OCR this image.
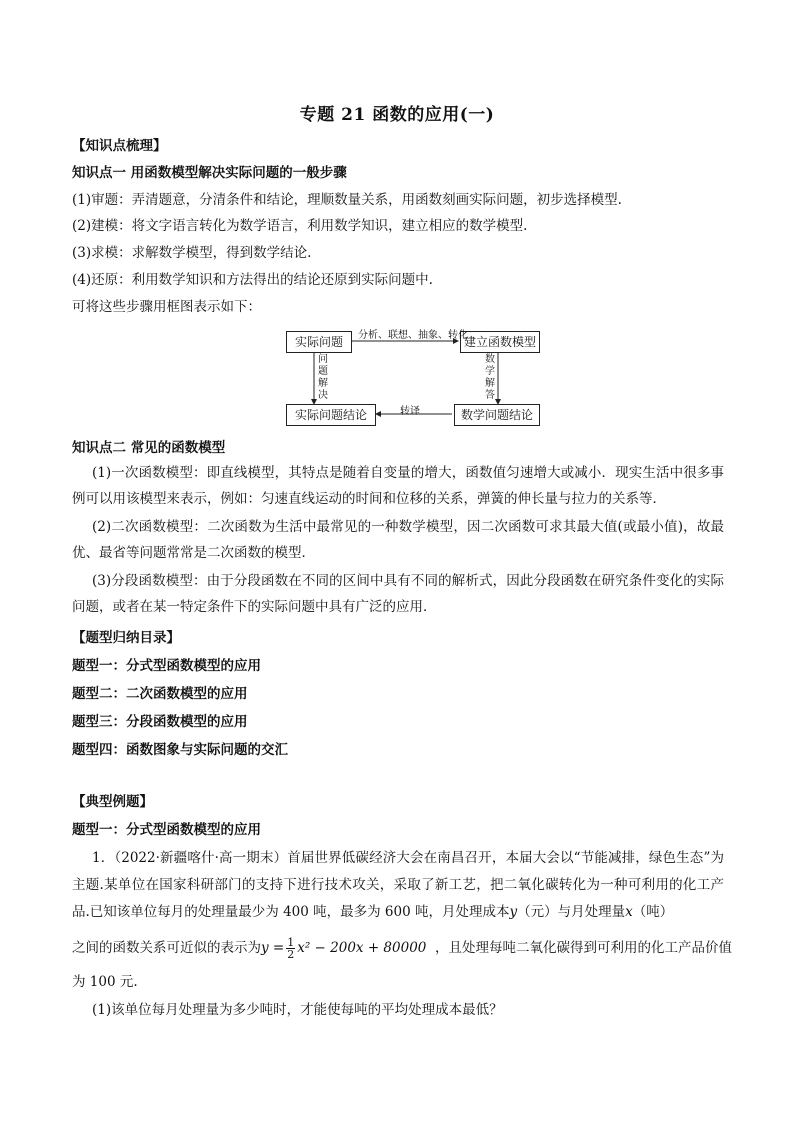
专题 21 函数的应用(一)
【知识点梳理】
知识点一 用函数模型解决实际问题的一般步骤
(1)审题：弄清题意，分清条件和结论，理顺数量关系，用函数刻画实际问题，初步选择模型.
(2)建模：将文字语言转化为数学语言，利用数学知识，建立相应的数学模型.
(3)求模：求解数学模型，得到数学结论.
(4)还原：利用数学知识和方法得出的结论还原到实际问题中.
可将这些步骤用框图表示如下：
实际问题	建立函数模型
实际问题结论	数学问题结论
分析、联想、抽象、转化
问题解决
数学解答
转译
知识点二 常见的函数模型
(1)一次函数模型：即直线模型，其特点是随着自变量的增大，函数值匀速增大或减小．现实生活中很多事例可以用该模型来表示，例如：匀速直线运动的时间和位移的关系，弹簧的伸长量与拉力的关系等．
(2)二次函数模型：二次函数为生活中最常见的一种数学模型，因二次函数可求其最大值(或最小值)，故最优、最省等问题常常是二次函数的模型．
(3)分段函数模型：由于分段函数在不同的区间中具有不同的解析式，因此分段函数在研究条件变化的实际问题，或者在某一特定条件下的实际问题中具有广泛的应用．
【题型归纳目录】
题型一：分式型函数模型的应用
题型二：二次函数模型的应用
题型三：分段函数模型的应用
题型四：函数图象与实际问题的交汇
【典型例题】
题型一：分式型函数模型的应用
1．（2022·新疆喀什·高一期末）首届世界低碳经济大会在南昌召开，本届大会以“节能减排，绿色生态”为主题.某单位在国家科研部门的支持下进行技术攻关，采取了新工艺，把二氧化碳转化为一种可利用的化工产品.已知该单位每月的处理量最少为 400 吨，最多为 600 吨，月处理成本y（元）与月处理量x（吨）
之间的函数关系可近似的表示为$y = \frac{1}{2} x^2 - 200x + 80000$ ，且处理每吨二氧化碳得到可利用的化工产品价值
为 100 元.
(1)该单位每月处理量为多少吨时，才能使每吨的平均处理成本最低？
